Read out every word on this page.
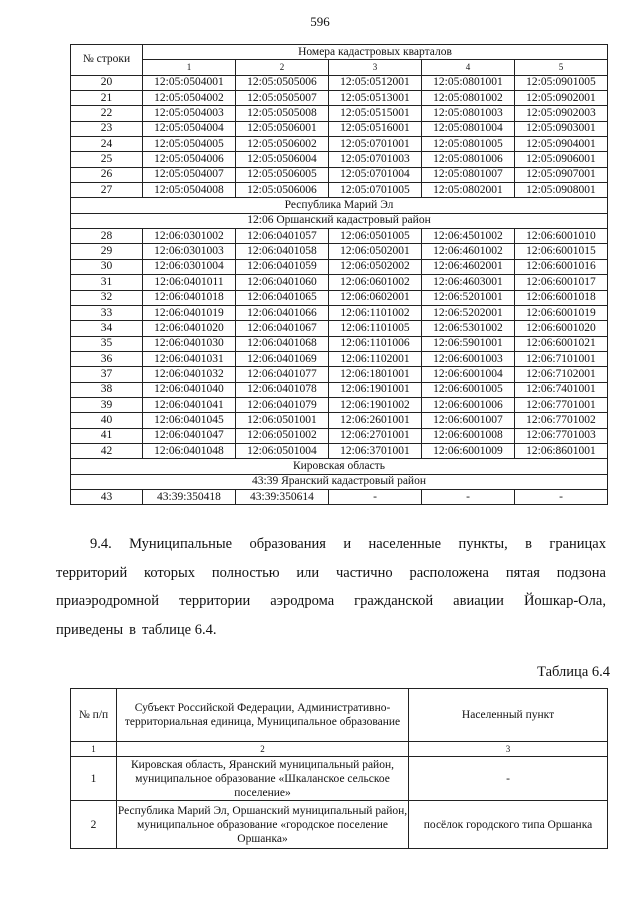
596
№ строки	Номера кадастровых кварталов				
	1	2	3	4	5
20	12:05:0504001	12:05:0505006	12:05:0512001	12:05:0801001	12:05:0901005
21	12:05:0504002	12:05:0505007	12:05:0513001	12:05:0801002	12:05:0902001
22	12:05:0504003	12:05:0505008	12:05:0515001	12:05:0801003	12:05:0902003
23	12:05:0504004	12:05:0506001	12:05:0516001	12:05:0801004	12:05:0903001
24	12:05:0504005	12:05:0506002	12:05:0701001	12:05:0801005	12:05:0904001
25	12:05:0504006	12:05:0506004	12:05:0701003	12:05:0801006	12:05:0906001
26	12:05:0504007	12:05:0506005	12:05:0701004	12:05:0801007	12:05:0907001
27	12:05:0504008	12:05:0506006	12:05:0701005	12:05:0802001	12:05:0908001
Республика Марий Эл					
12:06 Оршанский кадастровый район					
28	12:06:0301002	12:06:0401057	12:06:0501005	12:06:4501002	12:06:6001010
29	12:06:0301003	12:06:0401058	12:06:0502001	12:06:4601002	12:06:6001015
30	12:06:0301004	12:06:0401059	12:06:0502002	12:06:4602001	12:06:6001016
31	12:06:0401011	12:06:0401060	12:06:0601002	12:06:4603001	12:06:6001017
32	12:06:0401018	12:06:0401065	12:06:0602001	12:06:5201001	12:06:6001018
33	12:06:0401019	12:06:0401066	12:06:1101002	12:06:5202001	12:06:6001019
34	12:06:0401020	12:06:0401067	12:06:1101005	12:06:5301002	12:06:6001020
35	12:06:0401030	12:06:0401068	12:06:1101006	12:06:5901001	12:06:6001021
36	12:06:0401031	12:06:0401069	12:06:1102001	12:06:6001003	12:06:7101001
37	12:06:0401032	12:06:0401077	12:06:1801001	12:06:6001004	12:06:7102001
38	12:06:0401040	12:06:0401078	12:06:1901001	12:06:6001005	12:06:7401001
39	12:06:0401041	12:06:0401079	12:06:1901002	12:06:6001006	12:06:7701001
40	12:06:0401045	12:06:0501001	12:06:2601001	12:06:6001007	12:06:7701002
41	12:06:0401047	12:06:0501002	12:06:2701001	12:06:6001008	12:06:7701003
42	12:06:0401048	12:06:0501004	12:06:3701001	12:06:6001009	12:06:8601001
Кировская область					
43:39 Яранский кадастровый район					
43	43:39:350418	43:39:350614	-	-	-
9.4. Муниципальные образования и населенные пункты, в границах
территорий которых полностью или частично расположена пятая подзона
приаэродромной территории аэродрома гражданской авиации Йошкар-Ола,
приведены в таблице 6.4.
Таблица 6.4
№ п/п	Субъект Российской Федерации, Административно-территориальная единица, Муниципальное образование	Населенный пункт
1	2	3
1	Кировская область, Яранский муниципальный район, муниципальное образование «Шкаланское сельское поселение»	-
2	Республика Марий Эл, Оршанский муниципальный район, муниципальное образование «городское поселение Оршанка»	посёлок городского типа Оршанка
